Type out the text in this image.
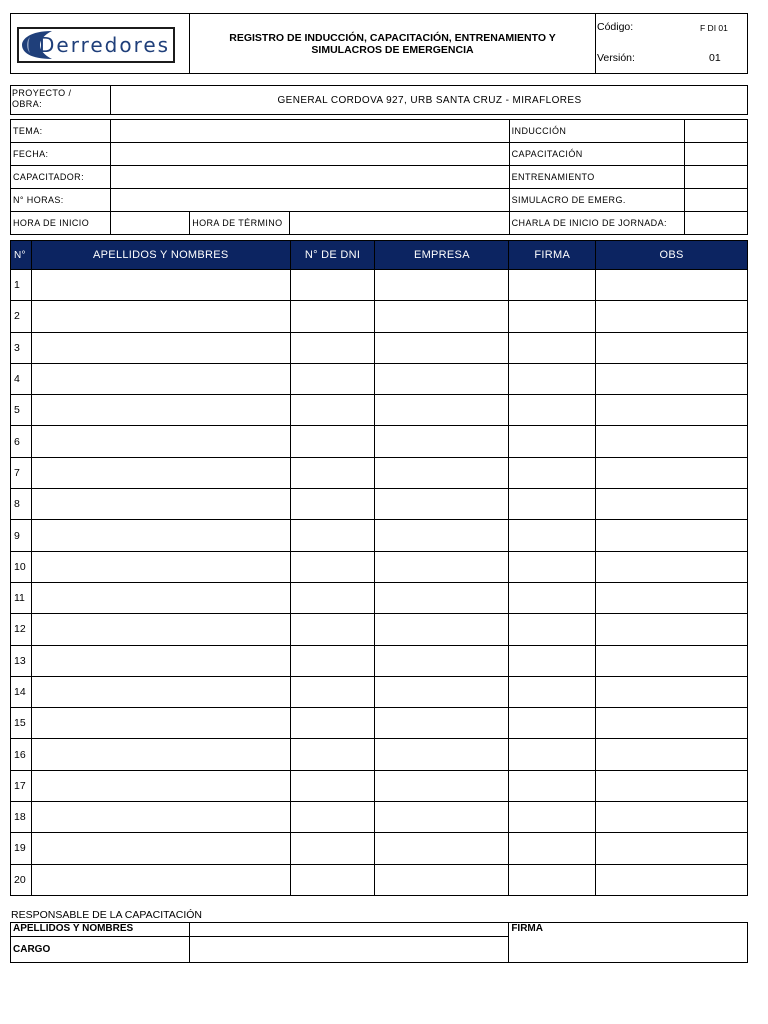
Derredores	REGISTRO DE INDUCCIÓN, CAPACITACIÓN, ENTRENAMIENTO Y SIMULACROS DE EMERGENCIA
Código:	F DI 01
Versión:	01
PROYECTO / OBRA:	GENERAL CORDOVA 927, URB SANTA CRUZ - MIRAFLORES
TEMA:				INDUCCIÓN	
FECHA:				CAPACITACIÓN	
CAPACITADOR:				ENTRENAMIENTO	
N° HORAS:				SIMULACRO DE EMERG.	
HORA DE INICIO		HORA DE TÉRMINO		CHARLA DE INICIO DE JORNADA:	
N°	APELLIDOS Y NOMBRES	N° DE DNI	EMPRESA	FIRMA	OBS
1					
2					
3					
4					
5					
6					
7					
8					
9					
10					
11					
12					
13					
14					
15					
16					
17					
18					
19					
20					
RESPONSABLE DE LA CAPACITACIÓN
APELLIDOS Y NOMBRES		FIRMA
CARGO		
